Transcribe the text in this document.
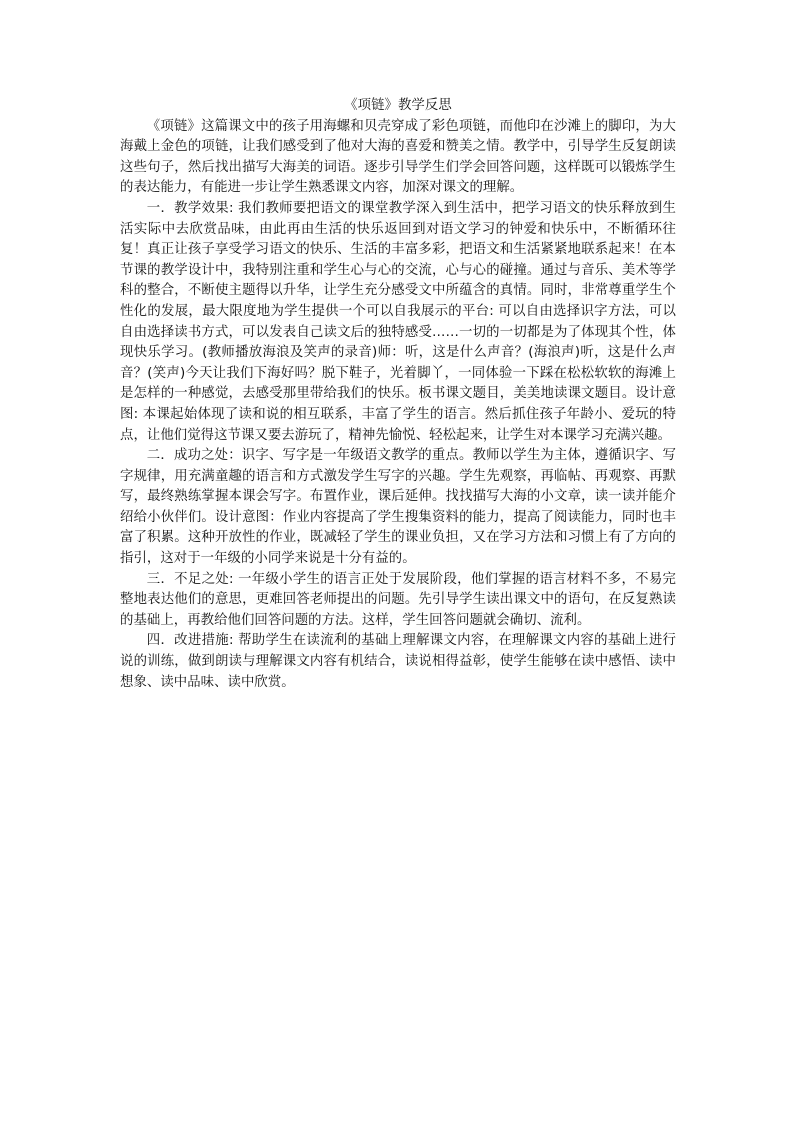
《项链》教学反思

《项链》这篇课文中的孩子用海螺和贝壳穿成了彩色项链，而他印在沙滩上的脚印，为大海戴上金色的项链，让我们感受到了他对大海的喜爱和赞美之情。教学中，引导学生反复朗读这些句子，然后找出描写大海美的词语。逐步引导学生们学会回答问题，这样既可以锻炼学生的表达能力，有能进一步让学生熟悉课文内容，加深对课文的理解。

一．教学效果: 我们教师要把语文的课堂教学深入到生活中，把学习语文的快乐释放到生活实际中去欣赏品味，由此再由生活的快乐返回到对语文学习的钟爱和快乐中，不断循环往复！真正让孩子享受学习语文的快乐、生活的丰富多彩，把语文和生活紧紧地联系起来！在本节课的教学设计中，我特别注重和学生心与心的交流，心与心的碰撞。通过与音乐、美术等学科的整合，不断使主题得以升华，让学生充分感受文中所蕴含的真情。同时，非常尊重学生个性化的发展，最大限度地为学生提供一个可以自我展示的平台: 可以自由选择识字方法，可以自由选择读书方式，可以发表自己读文后的独特感受……一切的一切都是为了体现其个性，体现快乐学习。(教师播放海浪及笑声的录音)师：听，这是什么声音？(海浪声)听，这是什么声音？(笑声)今天让我们下海好吗？脱下鞋子，光着脚丫，一同体验一下踩在松松软软的海滩上是怎样的一种感觉，去感受那里带给我们的快乐。板书课文题目，美美地读课文题目。设计意图: 本课起始体现了读和说的相互联系，丰富了学生的语言。然后抓住孩子年龄小、爱玩的特点，让他们觉得这节课又要去游玩了，精神先愉悦、轻松起来，让学生对本课学习充满兴趣。

二．成功之处：识字、写字是一年级语文教学的重点。教师以学生为主体，遵循识字、写字规律，用充满童趣的语言和方式激发学生写字的兴趣。学生先观察，再临帖、再观察、再默写，最终熟练掌握本课会写字。布置作业，课后延伸。找找描写大海的小文章，读一读并能介绍给小伙伴们。设计意图：作业内容提高了学生搜集资料的能力，提高了阅读能力，同时也丰富了积累。这种开放性的作业，既减轻了学生的课业负担，又在学习方法和习惯上有了方向的指引，这对于一年级的小同学来说是十分有益的。

三．不足之处: 一年级小学生的语言正处于发展阶段，他们掌握的语言材料不多，不易完整地表达他们的意思，更难回答老师提出的问题。先引导学生读出课文中的语句，在反复熟读的基础上，再教给他们回答问题的方法。这样，学生回答问题就会确切、流利。

四．改进措施: 帮助学生在读流利的基础上理解课文内容，在理解课文内容的基础上进行说的训练，做到朗读与理解课文内容有机结合，读说相得益彰，使学生能够在读中感悟、读中想象、读中品味、读中欣赏。
